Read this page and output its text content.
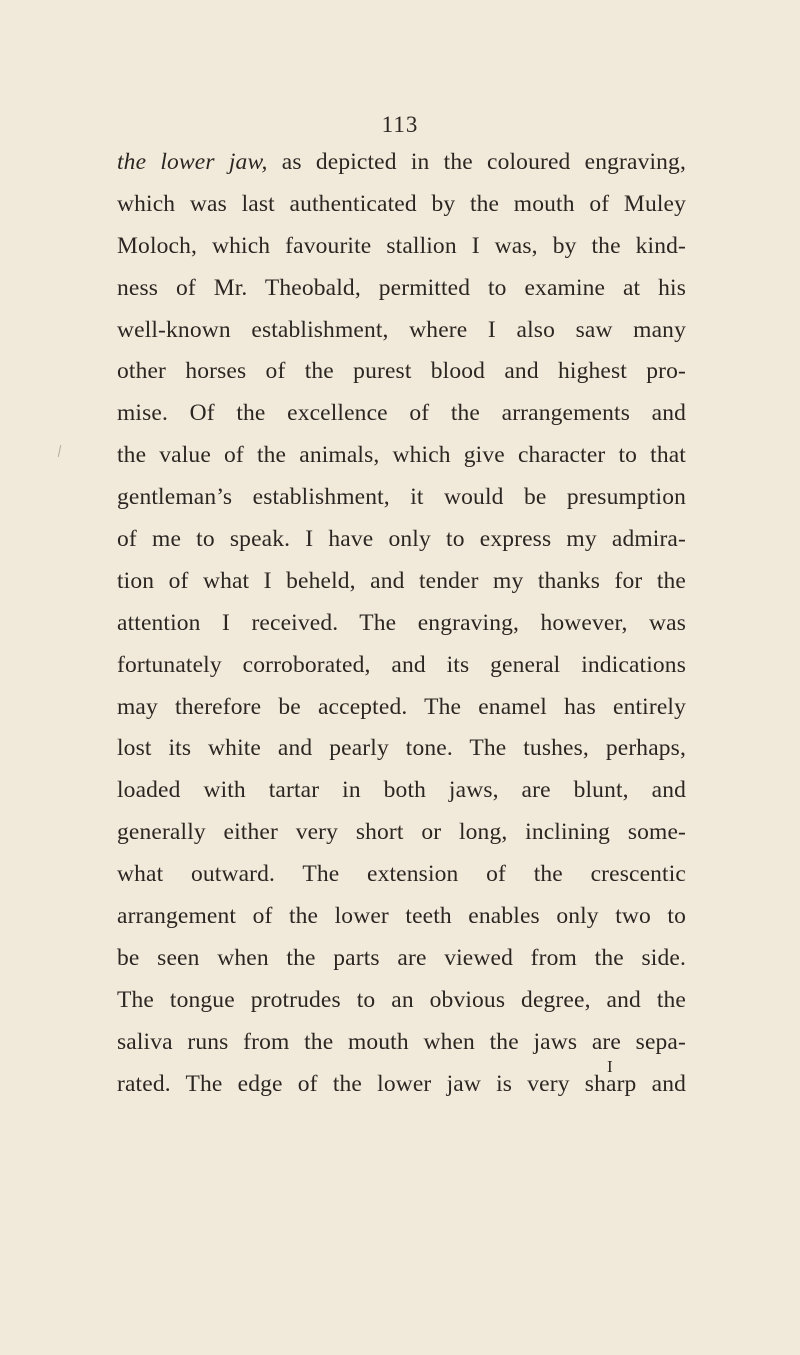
113
the lower jaw, as depicted in the coloured engraving,
which was last authenticated by the mouth of Muley
Moloch, which favourite stallion I was, by the kind-
ness of Mr. Theobald, permitted to examine at his
well-known establishment, where I also saw many
other horses of the purest blood and highest pro-
mise. Of the excellence of the arrangements and
the value of the animals, which give character to that
gentleman’s establishment, it would be presumption
of me to speak. I have only to express my admira-
tion of what I beheld, and tender my thanks for the
attention I received. The engraving, however, was
fortunately corroborated, and its general indications
may therefore be accepted. The enamel has entirely
lost its white and pearly tone. The tushes, perhaps,
loaded with tartar in both jaws, are blunt, and
generally either very short or long, inclining some-
what outward. The extension of the crescentic
arrangement of the lower teeth enables only two to
be seen when the parts are viewed from the side.
The tongue protrudes to an obvious degree, and the
saliva runs from the mouth when the jaws are sepa-
rated. The edge of the lower jaw is very sharp and
I
